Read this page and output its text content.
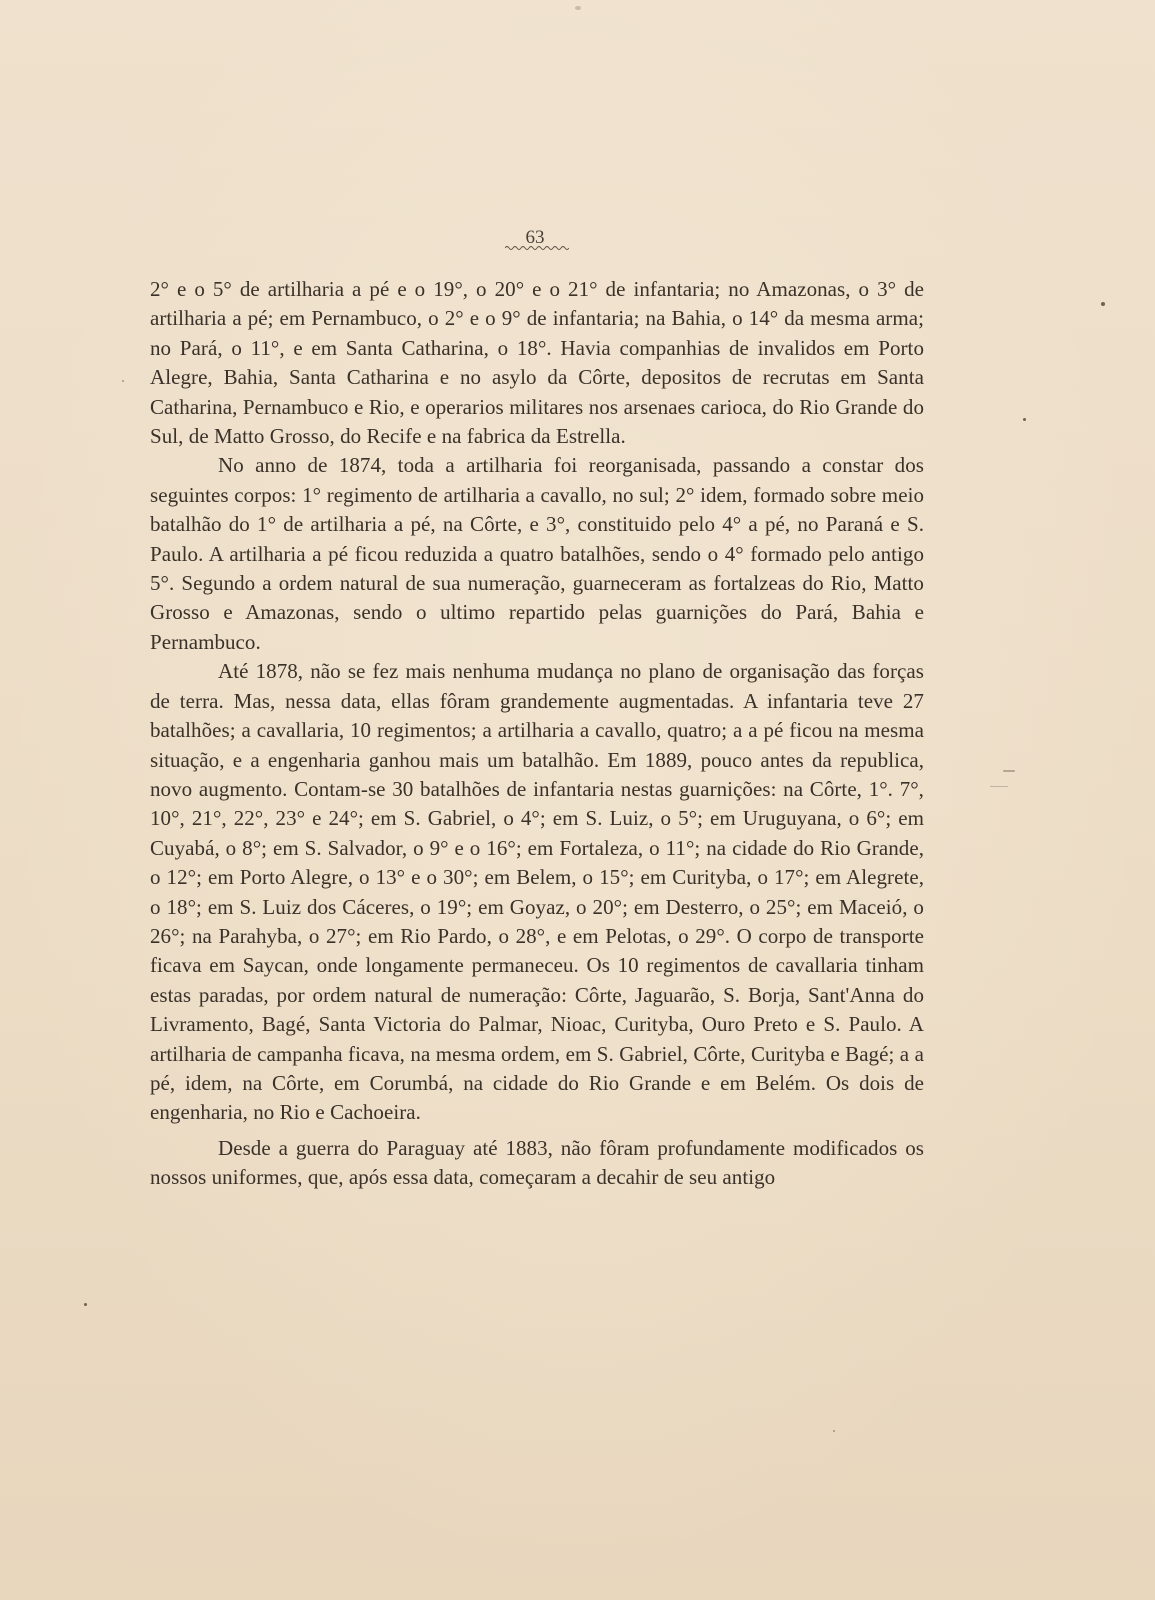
63

2° e o 5° de artilharia a pé e o 19°, o 20° e o 21° de infantaria; no Amazonas, o 3° de artilharia a pé; em Pernambuco, o 2° e o 9° de infantaria; na Bahia, o 14° da mesma arma; no Pará, o 11°, e em Santa Catharina, o 18°. Havia companhias de invalidos em Porto Alegre, Bahia, Santa Catharina e no asylo da Côrte, depositos de recrutas em Santa Catharina, Pernambuco e Rio, e operarios militares nos arsenaes carioca, do Rio Grande do Sul, de Matto Grosso, do Recife e na fabrica da Estrella.

No anno de 1874, toda a artilharia foi reorganisada, passando a constar dos seguintes corpos: 1° regimento de artilharia a cavallo, no sul; 2° idem, formado sobre meio batalhão do 1° de artilharia a pé, na Côrte, e 3°, constituido pelo 4° a pé, no Paraná e S. Paulo. A artilharia a pé ficou reduzida a quatro batalhões, sendo o 4° formado pelo antigo 5°. Segundo a ordem natural de sua numeração, guarneceram as fortalzeas do Rio, Matto Grosso e Amazonas, sendo o ultimo repartido pelas guarnições do Pará, Bahia e Pernambuco.

Até 1878, não se fez mais nenhuma mudança no plano de organisação das forças de terra. Mas, nessa data, ellas fôram grandemente augmentadas. A infantaria teve 27 batalhões; a cavallaria, 10 regimentos; a artilharia a cavallo, quatro; a a pé ficou na mesma situação, e a engenharia ganhou mais um batalhão. Em 1889, pouco antes da republica, novo augmento. Contam-se 30 batalhões de infantaria nestas guarnições: na Côrte, 1°. 7°, 10°, 21°, 22°, 23° e 24°; em S. Gabriel, o 4°; em S. Luiz, o 5°; em Uruguyana, o 6°; em Cuyabá, o 8°; em S. Salvador, o 9° e o 16°; em Fortaleza, o 11°; na cidade do Rio Grande, o 12°; em Porto Alegre, o 13° e o 30°; em Belem, o 15°; em Curityba, o 17°; em Alegrete, o 18°; em S. Luiz dos Cáceres, o 19°; em Goyaz, o 20°; em Desterro, o 25°; em Maceió, o 26°; na Parahyba, o 27°; em Rio Pardo, o 28°, e em Pelotas, o 29°. O corpo de transporte ficava em Saycan, onde longamente permaneceu. Os 10 regimentos de cavallaria tinham estas paradas, por ordem natural de numeração: Côrte, Jaguarão, S. Borja, Sant'Anna do Livramento, Bagé, Santa Victoria do Palmar, Nioac, Curityba, Ouro Preto e S. Paulo. A artilharia de campanha ficava, na mesma ordem, em S. Gabriel, Côrte, Curityba e Bagé; a a pé, idem, na Côrte, em Corumbá, na cidade do Rio Grande e em Belém. Os dois de engenharia, no Rio e Cachoeira.

Desde a guerra do Paraguay até 1883, não fôram profundamente modificados os nossos uniformes, que, após essa data, começaram a decahir de seu antigo
